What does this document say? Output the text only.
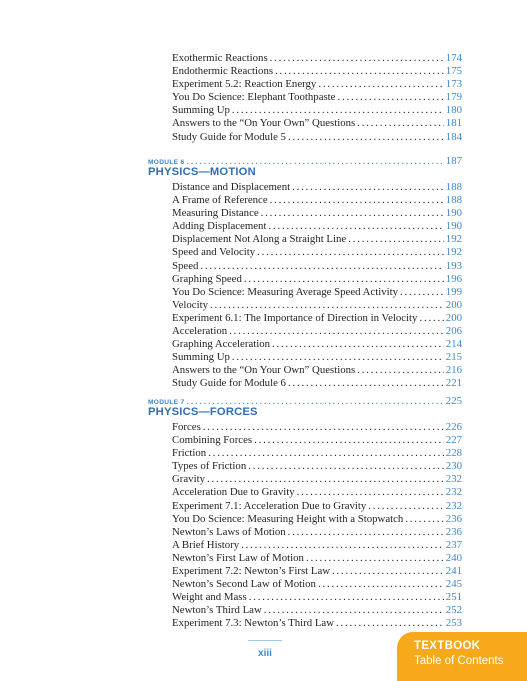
Exothermic Reactions .....	174
Endothermic Reactions .....	175
Experiment 5.2: Reaction Energy .....	173
You Do Science: Elephant Toothpaste .....	179
Summing Up .....	180
Answers to the “On Your Own” Questions .....	181
Study Guide for Module 5 .....	184
MODULE 6 .....	187
PHYSICS—MOTION
Distance and Displacement .....	188
A Frame of Reference .....	188
Measuring Distance .....	190
Adding Displacement .....	190
Displacement Not Along a Straight Line .....	192
Speed and Velocity .....	192
Speed .....	193
Graphing Speed .....	196
You Do Science: Measuring Average Speed Activity .....	199
Velocity .....	200
Experiment 6.1: The Importance of Direction in Velocity .....	200
Acceleration .....	206
Graphing Acceleration .....	214
Summing Up .....	215
Answers to the “On Your Own” Questions .....	216
Study Guide for Module 6 .....	221
MODULE 7 .....	225
PHYSICS—FORCES
Forces .....	226
Combining Forces .....	227
Friction .....	228
Types of Friction .....	230
Gravity .....	232
Acceleration Due to Gravity .....	232
Experiment 7.1: Acceleration Due to Gravity .....	232
You Do Science: Measuring Height with a Stopwatch .....	236
Newton’s Laws of Motion .....	236
A Brief History .....	237
Newton’s First Law of Motion .....	240
Experiment 7.2: Newton’s First Law .....	241
Newton’s Second Law of Motion .....	245
Weight and Mass .....	251
Newton’s Third Law .....	252
Experiment 7.3: Newton’s Third Law .....	253
xiii
TEXTBOOK
Table of Contents
